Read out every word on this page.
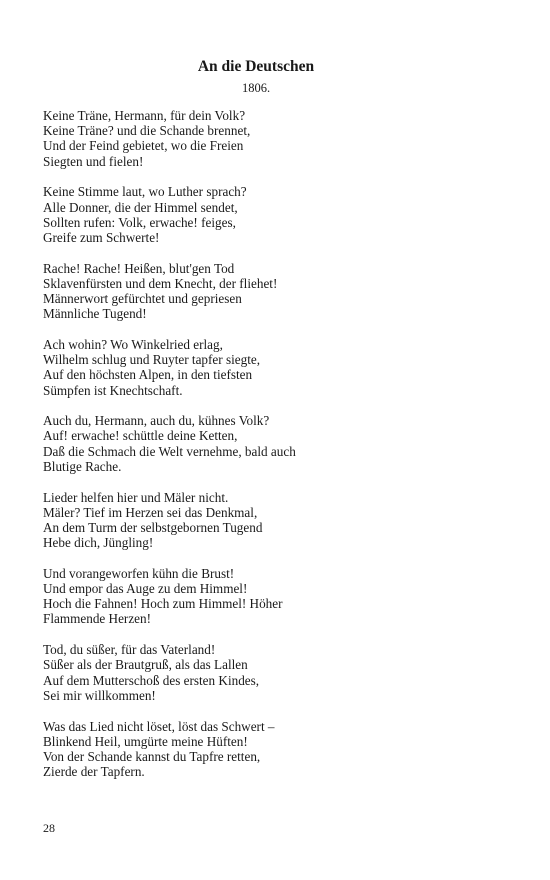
An die Deutschen
1806.
Keine Träne, Hermann, für dein Volk?
Keine Träne? und die Schande brennet,
Und der Feind gebietet, wo die Freien
Siegten und fielen!
Keine Stimme laut, wo Luther sprach?
Alle Donner, die der Himmel sendet,
Sollten rufen: Volk, erwache! feiges,
Greife zum Schwerte!
Rache! Rache! Heißen, blut'gen Tod
Sklavenfürsten und dem Knecht, der fliehet!
Männerwort gefürchtet und gepriesen
Männliche Tugend!
Ach wohin? Wo Winkelried erlag,
Wilhelm schlug und Ruyter tapfer siegte,
Auf den höchsten Alpen, in den tiefsten
Sümpfen ist Knechtschaft.
Auch du, Hermann, auch du, kühnes Volk?
Auf! erwache! schüttle deine Ketten,
Daß die Schmach die Welt vernehme, bald auch
Blutige Rache.
Lieder helfen hier und Mäler nicht.
Mäler? Tief im Herzen sei das Denkmal,
An dem Turm der selbstgebornen Tugend
Hebe dich, Jüngling!
Und vorangeworfen kühn die Brust!
Und empor das Auge zu dem Himmel!
Hoch die Fahnen! Hoch zum Himmel! Höher
Flammende Herzen!
Tod, du süßer, für das Vaterland!
Süßer als der Brautgruß, als das Lallen
Auf dem Mutterschoß des ersten Kindes,
Sei mir willkommen!
Was das Lied nicht löset, löst das Schwert –
Blinkend Heil, umgürte meine Hüften!
Von der Schande kannst du Tapfre retten,
Zierde der Tapfern.
28
